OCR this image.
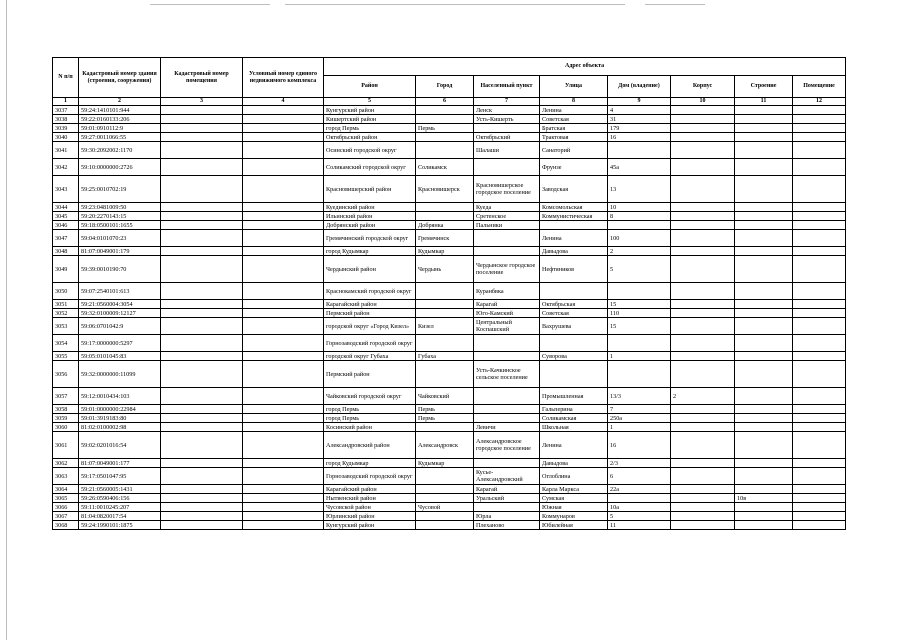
N п/п	Кадастровый номер здания (строения, сооружения)	Кадастровый номер помещения	Условный номер единого недвижимого комплекса	Адрес объекта							
				Район	Город	Населенный пункт	Улица	Дом (владение)	Корпус	Строение	Помещение
1	2	3	4	5	6	7	8	9	10	11	12
3037	59:24:1410101:944			Кунгурский район		Ленск	Ленина	4			
3038	59:22:0160133:206			Кишертский район		Усть-Кишерть	Советская	31			
3039	59:01:0910112:9			город Пермь	Пермь		Братская	179			
3040	59:27:0011066:55			Октябрьский район		Октябрьский	Трактовая	16			
3041	59:30:2092002:1170			Осинский городской округ		Шалаши	Санаторий				
3042	59:10:0000000:2726			Соликамский городской округ	Соликамск		Фрунзе	45а			
3043	59:25:0010702:19			Красновишерский район	Красновишерск	Красновишерское городское поселение	Заводская	13			
3044	59:23:0481009:50			Куединский район		Куеда	Комсомольская	10			
3045	59:20:2270143:15			Ильинский район		Сретенское	Коммунистическая	8			
3046	59:18:0500101:1655			Добрянский район	Добрянка	Пальники					
3047	59:04:0101070:23			Гремячинский городской округ	Гремячинск		Ленина	100			
3048	81:07:0049001:179			город Кудымкар	Кудымкар		Давыдова	2			
3049	59:39:0010190:70			Чердынский район	Чердынь	Чердынское городское поселение	Нефтяников	5			
3050	59:07:2540101:613			Краснокамский городской округ		Куранбвка					
3051	59:21:0560004:3054			Карагайский район		Карагай	Октябрьская	15			
3052	59:32:0100009:12127			Пермский район		Юго-Камский	Советская	110			
3053	59:06:0701042:9			городской округ «Город Кизел»	Кизел	Центральный Коспашский	Вахрушева	15			
3054	59:17:0000000:5297			Горнозаводский городской округ							
3055	59:05:0101045:83			городской округ Губаха	Губаха		Суворова	1			
3056	59:32:0000000:11099			Пермский район		Усть-Качкинское сельское поселение					
3057	59:12:0010434:103			Чайковский городской округ	Чайковский		Промышленная	13/3	2		
3058	59:01:0000000:22984			город Пермь	Пермь		Гальперина	7			
3059	59:01:3919183:80			город Пермь	Пермь		Соликамская	250а			
3060	81:02:0100002:98			Косинский район		Левичи	Школьная	1			
3061	59:02:0201016:54			Александровский район	Александровск	Александровское городское поселение	Ленина	16			
3062	81:07:0049001:177			город Кудымкар	Кудымкар		Давыдова	2/3			
3063	59:17:0501047:95			Горнозаводский городской округ		Кусье-Александровский	Оглоблина	6			
3064	59:21:0560005:1431			Карагайский район		Карагай	Карла Маркса	22а			
3065	59:26:0590406:156			Нытвенский район		Уральский	Сумская			10в	
3066	59:11:0010245:207			Чусовской район	Чусовой		Южная	10а			
3067	81:04:0820017:54			Юрлинский район		Юрла	Коммунаров	5			
3068	59:24:1990101:1875			Кунгурский район		Плеханово	Юбилейная	11			
